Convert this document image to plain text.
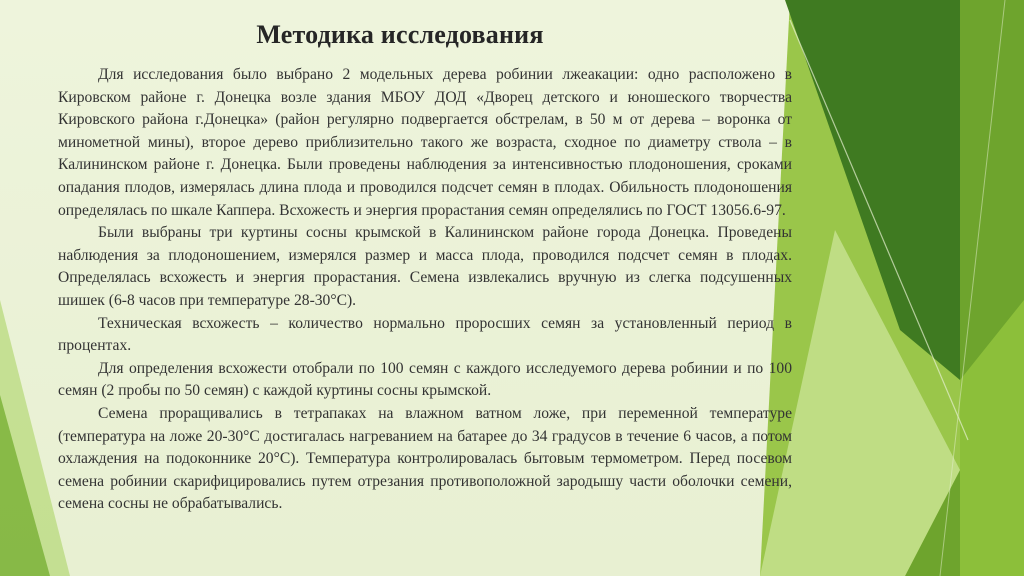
Методика исследования

Для исследования было выбрано 2 модельных дерева робинии лжеакации: одно расположено в Кировском районе г. Донецка возле здания МБОУ ДОД «Дворец детского и юношеского творчества Кировского района г.Донецка» (район регулярно подвергается обстрелам, в 50 м от дерева – воронка от минометной мины), второе дерево приблизительно такого же возраста, сходное по диаметру ствола – в Калининском районе г. Донецка. Были проведены наблюдения за интенсивностью плодоношения, сроками опадания плодов, измерялась длина плода и проводился подсчет семян в плодах. Обильность плодоношения определялась по шкале Каппера. Всхожесть и энергия прорастания семян определялись по ГОСТ 13056.6-97.

Были выбраны три куртины сосны крымской в Калининском районе города Донецка. Проведены наблюдения за плодоношением, измерялся размер и масса плода, проводился подсчет семян в плодах. Определялась всхожесть и энергия прорастания. Семена извлекались вручную из слегка подсушенных шишек (6-8 часов при температуре 28-30°С).

Техническая всхожесть – количество нормально проросших семян за установленный период в процентах.

Для определения всхожести отобрали по 100 семян с каждого исследуемого дерева робинии и по 100 семян (2 пробы по 50 семян) с каждой куртины сосны крымской.

Семена проращивались в тетрапаках на влажном ватном ложе, при переменной температуре (температура на ложе 20-30°С достигалась нагреванием на батарее до 34 градусов в течение 6 часов, а потом охлаждения на подоконнике 20°С). Температура контролировалась бытовым термометром. Перед посевом семена робинии скарифицировались путем отрезания противоположной зародышу части оболочки семени, семена сосны не обрабатывались.
